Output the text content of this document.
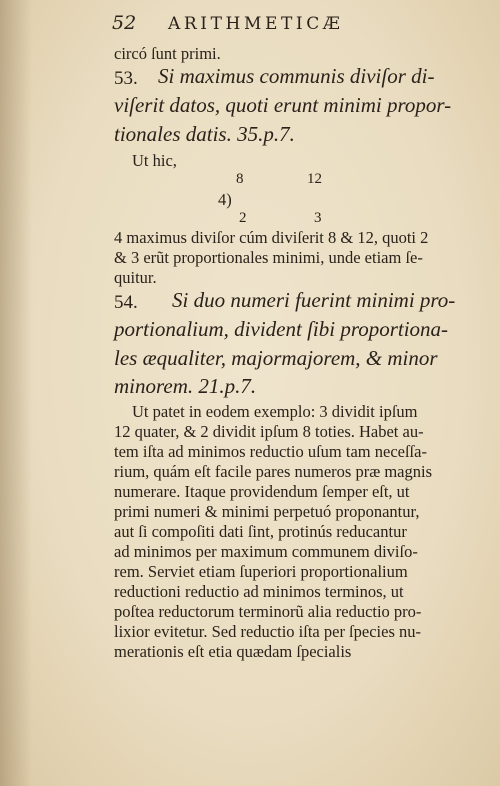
52 ARITHMETICÆ
circó ſunt primi.
53. Si maximus communis diviſor di-
viſerit datos, quoti erunt minimi propor-
tionales datis. 35.p.7.
Ut hic,
8	12
4)
2	3
4 maximus diviſor cúm diviſerit 8 & 12, quoti 2
& 3 erũt proportionales minimi, unde etiam ſe-
quitur.
54. Si duo numeri fuerint minimi pro-
portionalium, divident ſibi proportiona-
les æqualiter, majormajorem, & minor
minorem. 21.p.7.
Ut patet in eodem exemplo: 3 dividit ipſum
12 quater, & 2 dividit ipſum 8 toties. Habet au-
tem iſta ad minimos reductio uſum tam neceſſa-
rium, quám eſt facile pares numeros præ magnis
numerare. Itaque providendum ſemper eſt, ut
primi numeri & minimi perpetuó proponantur,
aut ſi compoſiti dati ſint, protinús reducantur
ad minimos per maximum communem diviſo-
rem. Serviet etiam ſuperiori proportionalium
reductioni reductio ad minimos terminos, ut
poſtea reductorum terminorũ alia reductio pro-
lixior evitetur. Sed reductio iſta per ſpecies nu-
merationis eſt etia quædam ſpecialis
